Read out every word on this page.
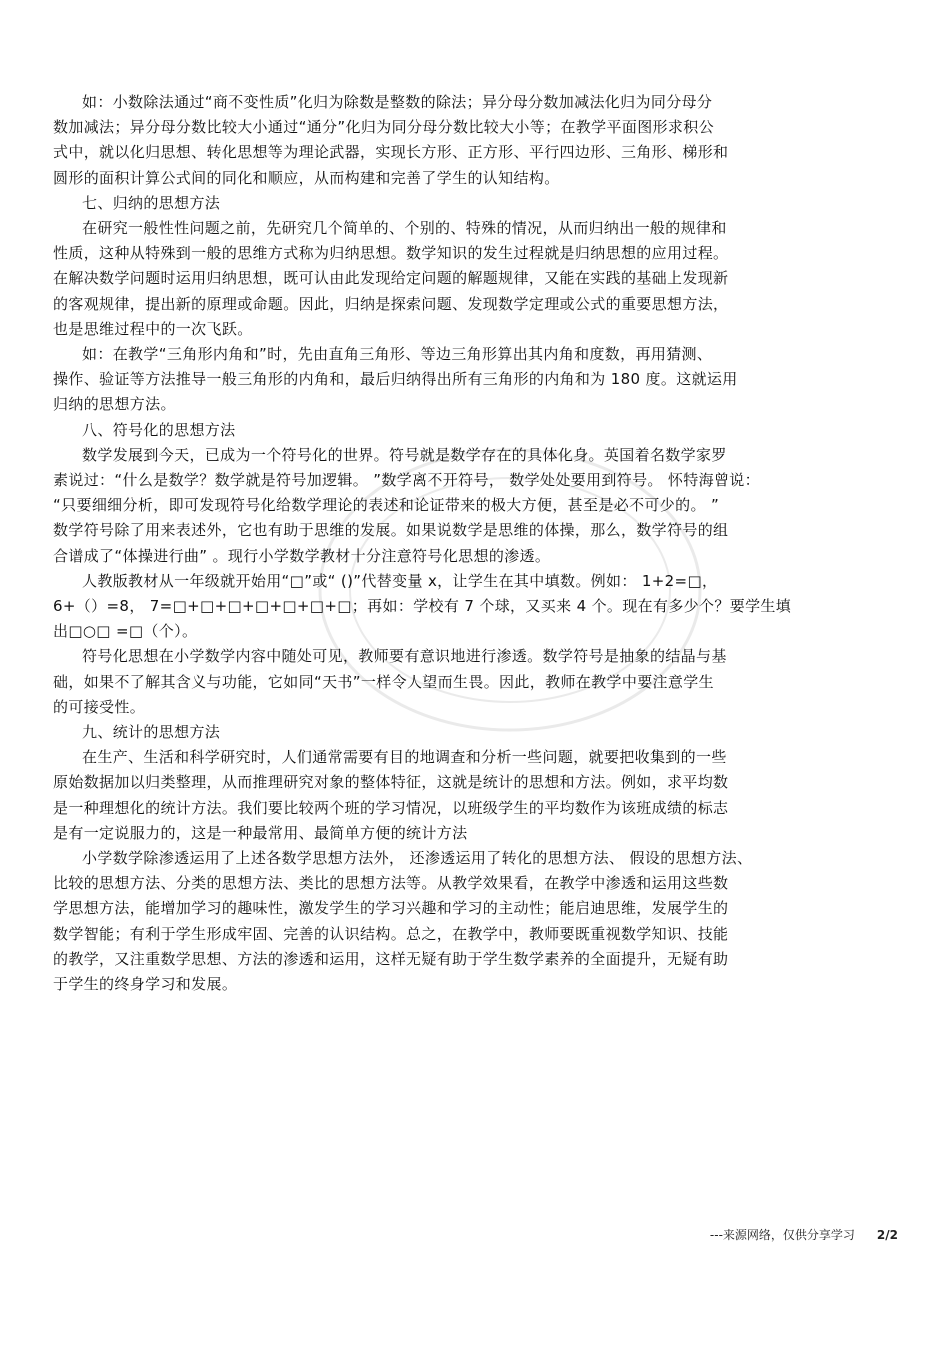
如：小数除法通过“商不变性质”化归为除数是整数的除法；异分母分数加减法化归为同分母分
数加减法；异分母分数比较大小通过“通分”化归为同分母分数比较大小等；在教学平面图形求积公
式中，就以化归思想、转化思想等为理论武器，实现长方形、正方形、平行四边形、三角形、梯形和
圆形的面积计算公式间的同化和顺应，从而构建和完善了学生的认知结构。
七、归纳的思想方法
在研究一般性性问题之前，先研究几个简单的、个别的、特殊的情况，从而归纳出一般的规律和
性质，这种从特殊到一般的思维方式称为归纳思想。数学知识的发生过程就是归纳思想的应用过程。
在解决数学问题时运用归纳思想，既可认由此发现给定问题的解题规律，又能在实践的基础上发现新
的客观规律，提出新的原理或命题。因此，归纳是探索问题、发现数学定理或公式的重要思想方法，
也是思维过程中的一次飞跃。
如：在教学“三角形内角和”时，先由直角三角形、等边三角形算出其内角和度数，再用猜测、
操作、验证等方法推导一般三角形的内角和，最后归纳得出所有三角形的内角和为 180 度。这就运用
归纳的思想方法。
八、符号化的思想方法
数学发展到今天，已成为一个符号化的世界。符号就是数学存在的具体化身。英国着名数学家罗
素说过：“什么是数学？数学就是符号加逻辑。 ”数学离不开符号， 数学处处要用到符号。 怀特海曾说：
“只要细细分析，即可发现符号化给数学理论的表述和论证带来的极大方便，甚至是必不可少的。 ”
数学符号除了用来表述外，它也有助于思维的发展。如果说数学是思维的体操，那么，数学符号的组
合谱成了“体操进行曲” 。现行小学数学教材十分注意符号化思想的渗透。
人教版教材从一年级就开始用“□”或“ ()”代替变量 x，让学生在其中填数。例如： 1+2=□，
6+（）=8， 7=□+□+□+□+□+□+□；再如：学校有 7 个球，又买来 4 个。现在有多少个？要学生填
出□○□ =□（个）。
符号化思想在小学数学内容中随处可见，教师要有意识地进行渗透。数学符号是抽象的结晶与基
础，如果不了解其含义与功能，它如同“天书”一样令人望而生畏。因此，教师在教学中要注意学生
的可接受性。
九、统计的思想方法
在生产、生活和科学研究时，人们通常需要有目的地调查和分析一些问题，就要把收集到的一些
原始数据加以归类整理，从而推理研究对象的整体特征，这就是统计的思想和方法。例如，求平均数
是一种理想化的统计方法。我们要比较两个班的学习情况，以班级学生的平均数作为该班成绩的标志
是有一定说服力的，这是一种最常用、最简单方便的统计方法
小学数学除渗透运用了上述各数学思想方法外， 还渗透运用了转化的思想方法、 假设的思想方法、
比较的思想方法、分类的思想方法、类比的思想方法等。从教学效果看，在教学中渗透和运用这些数
学思想方法，能增加学习的趣味性，激发学生的学习兴趣和学习的主动性；能启迪思维，发展学生的
数学智能；有利于学生形成牢固、完善的认识结构。总之，在教学中，教师要既重视数学知识、技能
的教学，又注重数学思想、方法的渗透和运用，这样无疑有助于学生数学素养的全面提升，无疑有助
于学生的终身学习和发展。
---来源网络，仅供分享学习 2/2
